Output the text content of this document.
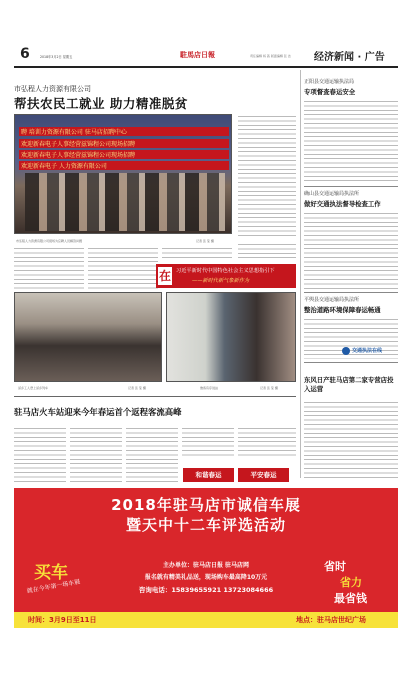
6	2018年3月2日 星期五	駐馬店日報	责任编辑 杨 茜 版面编辑 张 洁 经济新闻 · 广告
市弘程人力资源有限公司
帮扶农民工就业 助力精准脱贫
聘 培训力资源有限公司 驻马店招聘中心
欢迎新春电子人事经营兹锦程公司现场招聘
欢迎新春电子人事经营兹锦程公司现场招聘
欢迎新春电子 人力资源有限公司
市弘程人力资源有限公司现场为应聘人员解答问题	记者 张 莹 摄
在 习近平新时代中国特色社会主义思想指引下
——新时代新气象新作为
返乡工人登上返乡列车	记者 张 莹 摄	旅客有序进站	记者 张 莹 摄
驻马店火车站迎来今年春运首个返程客流高峰
和谐春运	平安春运
正阳县交通运输执法局
专项督查春运安全
确山县交通运输局执法所
做好交通执法督导检查工作
平舆县交通运输局执法所
整治道路环境保障春运畅通
交通执法在线
东风日产驻马店第二家专营店投入运营
2018年驻马店市诚信车展
暨天中十二车评选活动
买车
就在今年第一场车展
主办单位：驻马店日报 驻马店网
报名就有精美礼品送，现场购车最高降10万元
咨询电话：15839655921 13723084666
省时
省力
最省钱
时间：3月9日至11日	地点：驻马店世纪广场
